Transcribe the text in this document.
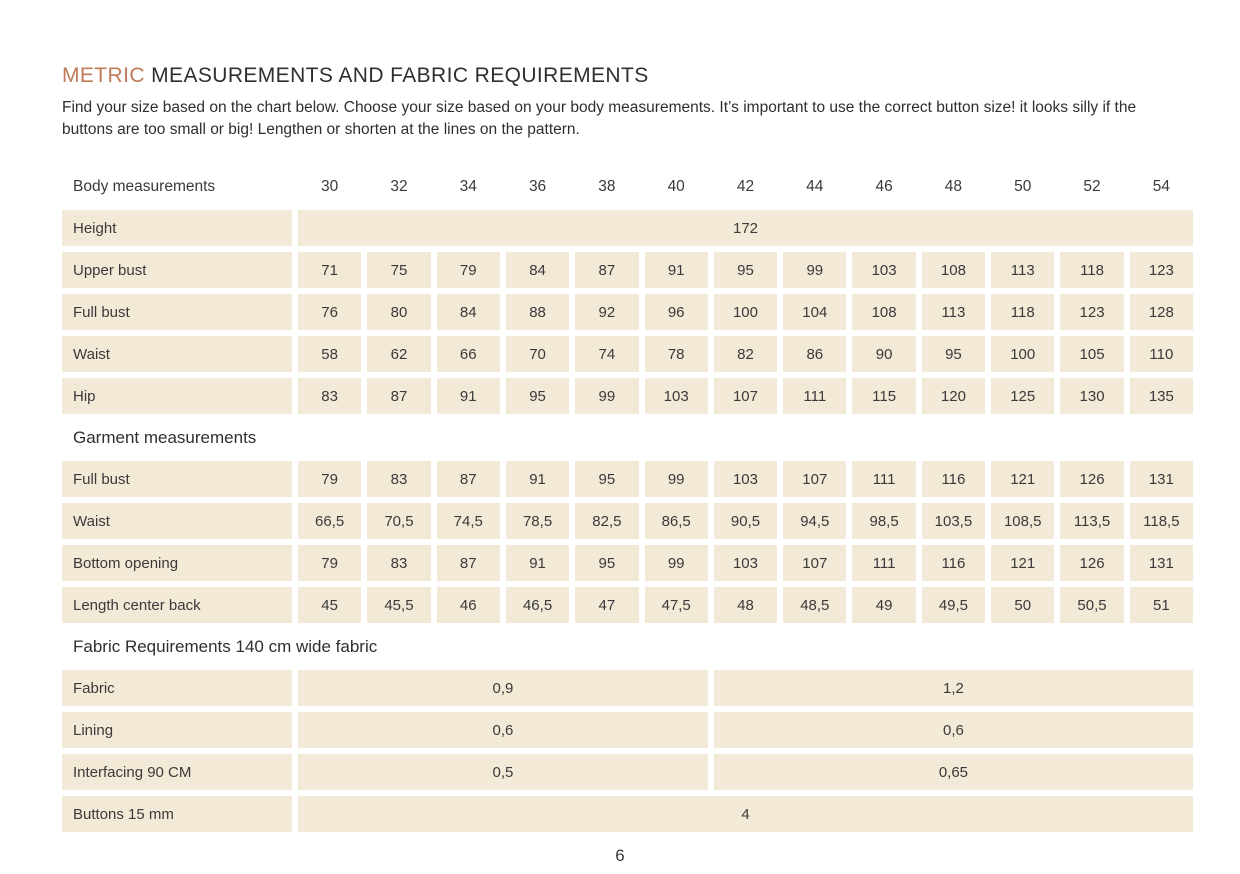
METRIC MEASUREMENTS AND FABRIC REQUIREMENTS

Find your size based on the chart below. Choose your size based on your body measurements. It’s important to use the correct button size! it looks silly if the buttons are too small or big! Lengthen or shorten at the lines on the pattern.

Body measurements	30	32	34	36	38	40	42	44	46	48	50	52	54
Height	172
Upper bust	71	75	79	84	87	91	95	99	103	108	113	118	123
Full bust	76	80	84	88	92	96	100	104	108	113	118	123	128
Waist	58	62	66	70	74	78	82	86	90	95	100	105	110
Hip	83	87	91	95	99	103	107	111	115	120	125	130	135
Garment measurements
Full bust	79	83	87	91	95	99	103	107	111	116	121	126	131
Waist	66,5	70,5	74,5	78,5	82,5	86,5	90,5	94,5	98,5	103,5	108,5	113,5	118,5
Bottom opening	79	83	87	91	95	99	103	107	111	116	121	126	131
Length center back	45	45,5	46	46,5	47	47,5	48	48,5	49	49,5	50	50,5	51
Fabric Requirements 140 cm wide fabric
Fabric	0,9	1,2
Lining	0,6	0,6
Interfacing 90 CM	0,5	0,65
Buttons 15 mm	4
6
